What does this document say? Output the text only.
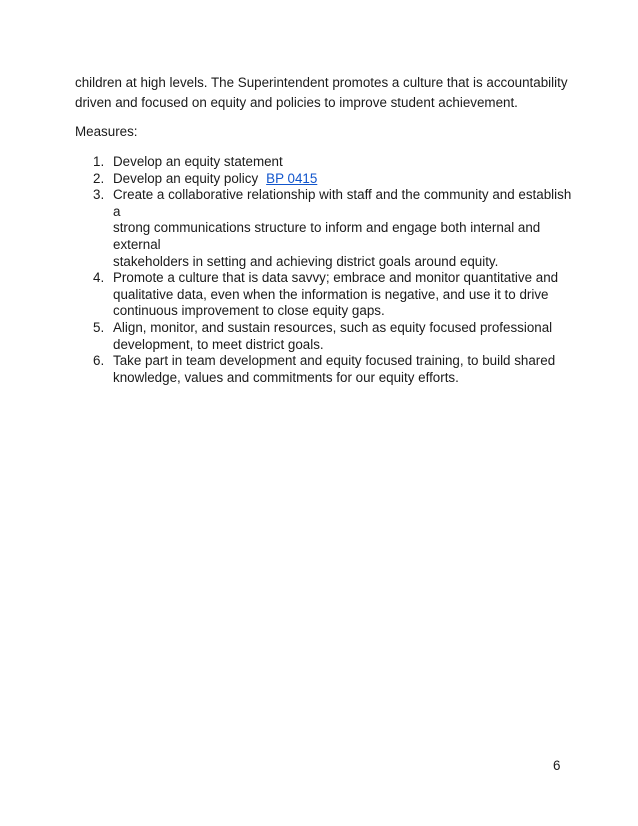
children at high levels. The Superintendent promotes a culture that is accountability
driven and focused on equity and policies to improve student achievement.

Measures:

1. Develop an equity statement
2. Develop an equity policy BP 0415
3. Create a collaborative relationship with staff and the community and establish a
strong communications structure to inform and engage both internal and external
stakeholders in setting and achieving district goals around equity.
4. Promote a culture that is data savvy; embrace and monitor quantitative and
qualitative data, even when the information is negative, and use it to drive
continuous improvement to close equity gaps.
5. Align, monitor, and sustain resources, such as equity focused professional
development, to meet district goals.
6. Take part in team development and equity focused training, to build shared
knowledge, values and commitments for our equity efforts.

6
